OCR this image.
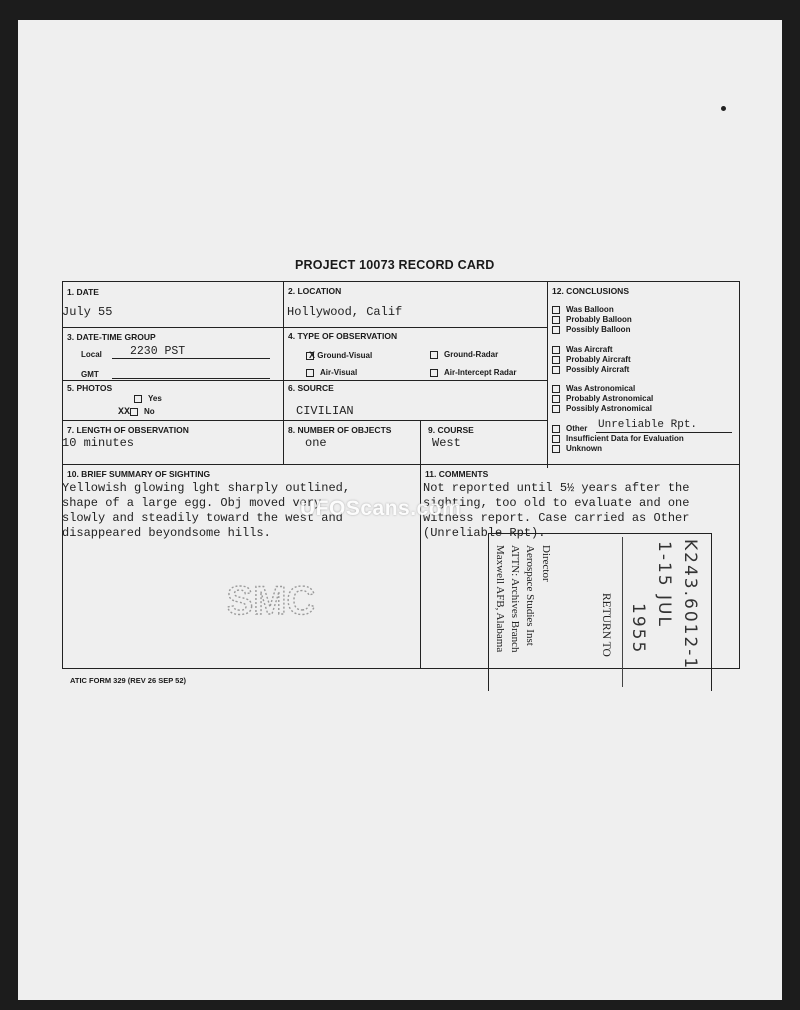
PROJECT 10073 RECORD CARD
1. DATE
July 55
2. LOCATION
Hollywood, Calif
3. DATE-TIME GROUP
Local 2230 PST
GMT
4. TYPE OF OBSERVATION
X Ground-Visual	Ground-Radar
Air-Visual	Air-Intercept Radar
5. PHOTOS
Yes
XX No
6. SOURCE
CIVILIAN
7. LENGTH OF OBSERVATION
10 minutes
8. NUMBER OF OBJECTS
one
9. COURSE
West
10. BRIEF SUMMARY OF SIGHTING
Yellowish glowing lght sharply outlined,
shape of a large egg. Obj moved very
slowly and steadily toward the west and
disappeared beyondsome hills.
11. COMMENTS
Not reported until 5½ years after the
sighting, too old to evaluate and one
witness report. Case carried as Other
(Unreliable Rpt).
12. CONCLUSIONS
Was Balloon
Probably Balloon
Possibly Balloon
Was Aircraft
Probably Aircraft
Possibly Aircraft
Was Astronomical
Probably Astronomical
Possibly Astronomical
Other Unreliable Rpt.
Insufficient Data for Evaluation
Unknown
SMC
Director
Aerospace Studies Inst
ATTN: Archives Branch
Maxwell AFB, Alabama	RETURN TO	K243.6012-1
1-15 JUL
1955
ATIC FORM 329 (REV 26 SEP 52)
UFOScans.com
